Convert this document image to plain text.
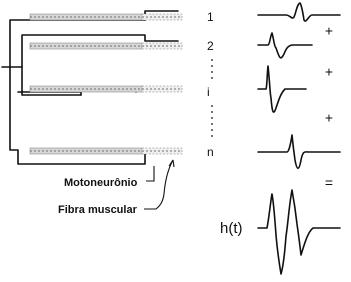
1
2
i
n
+
+
+
=
Motoneurônio
Fibra muscular
h(t)
